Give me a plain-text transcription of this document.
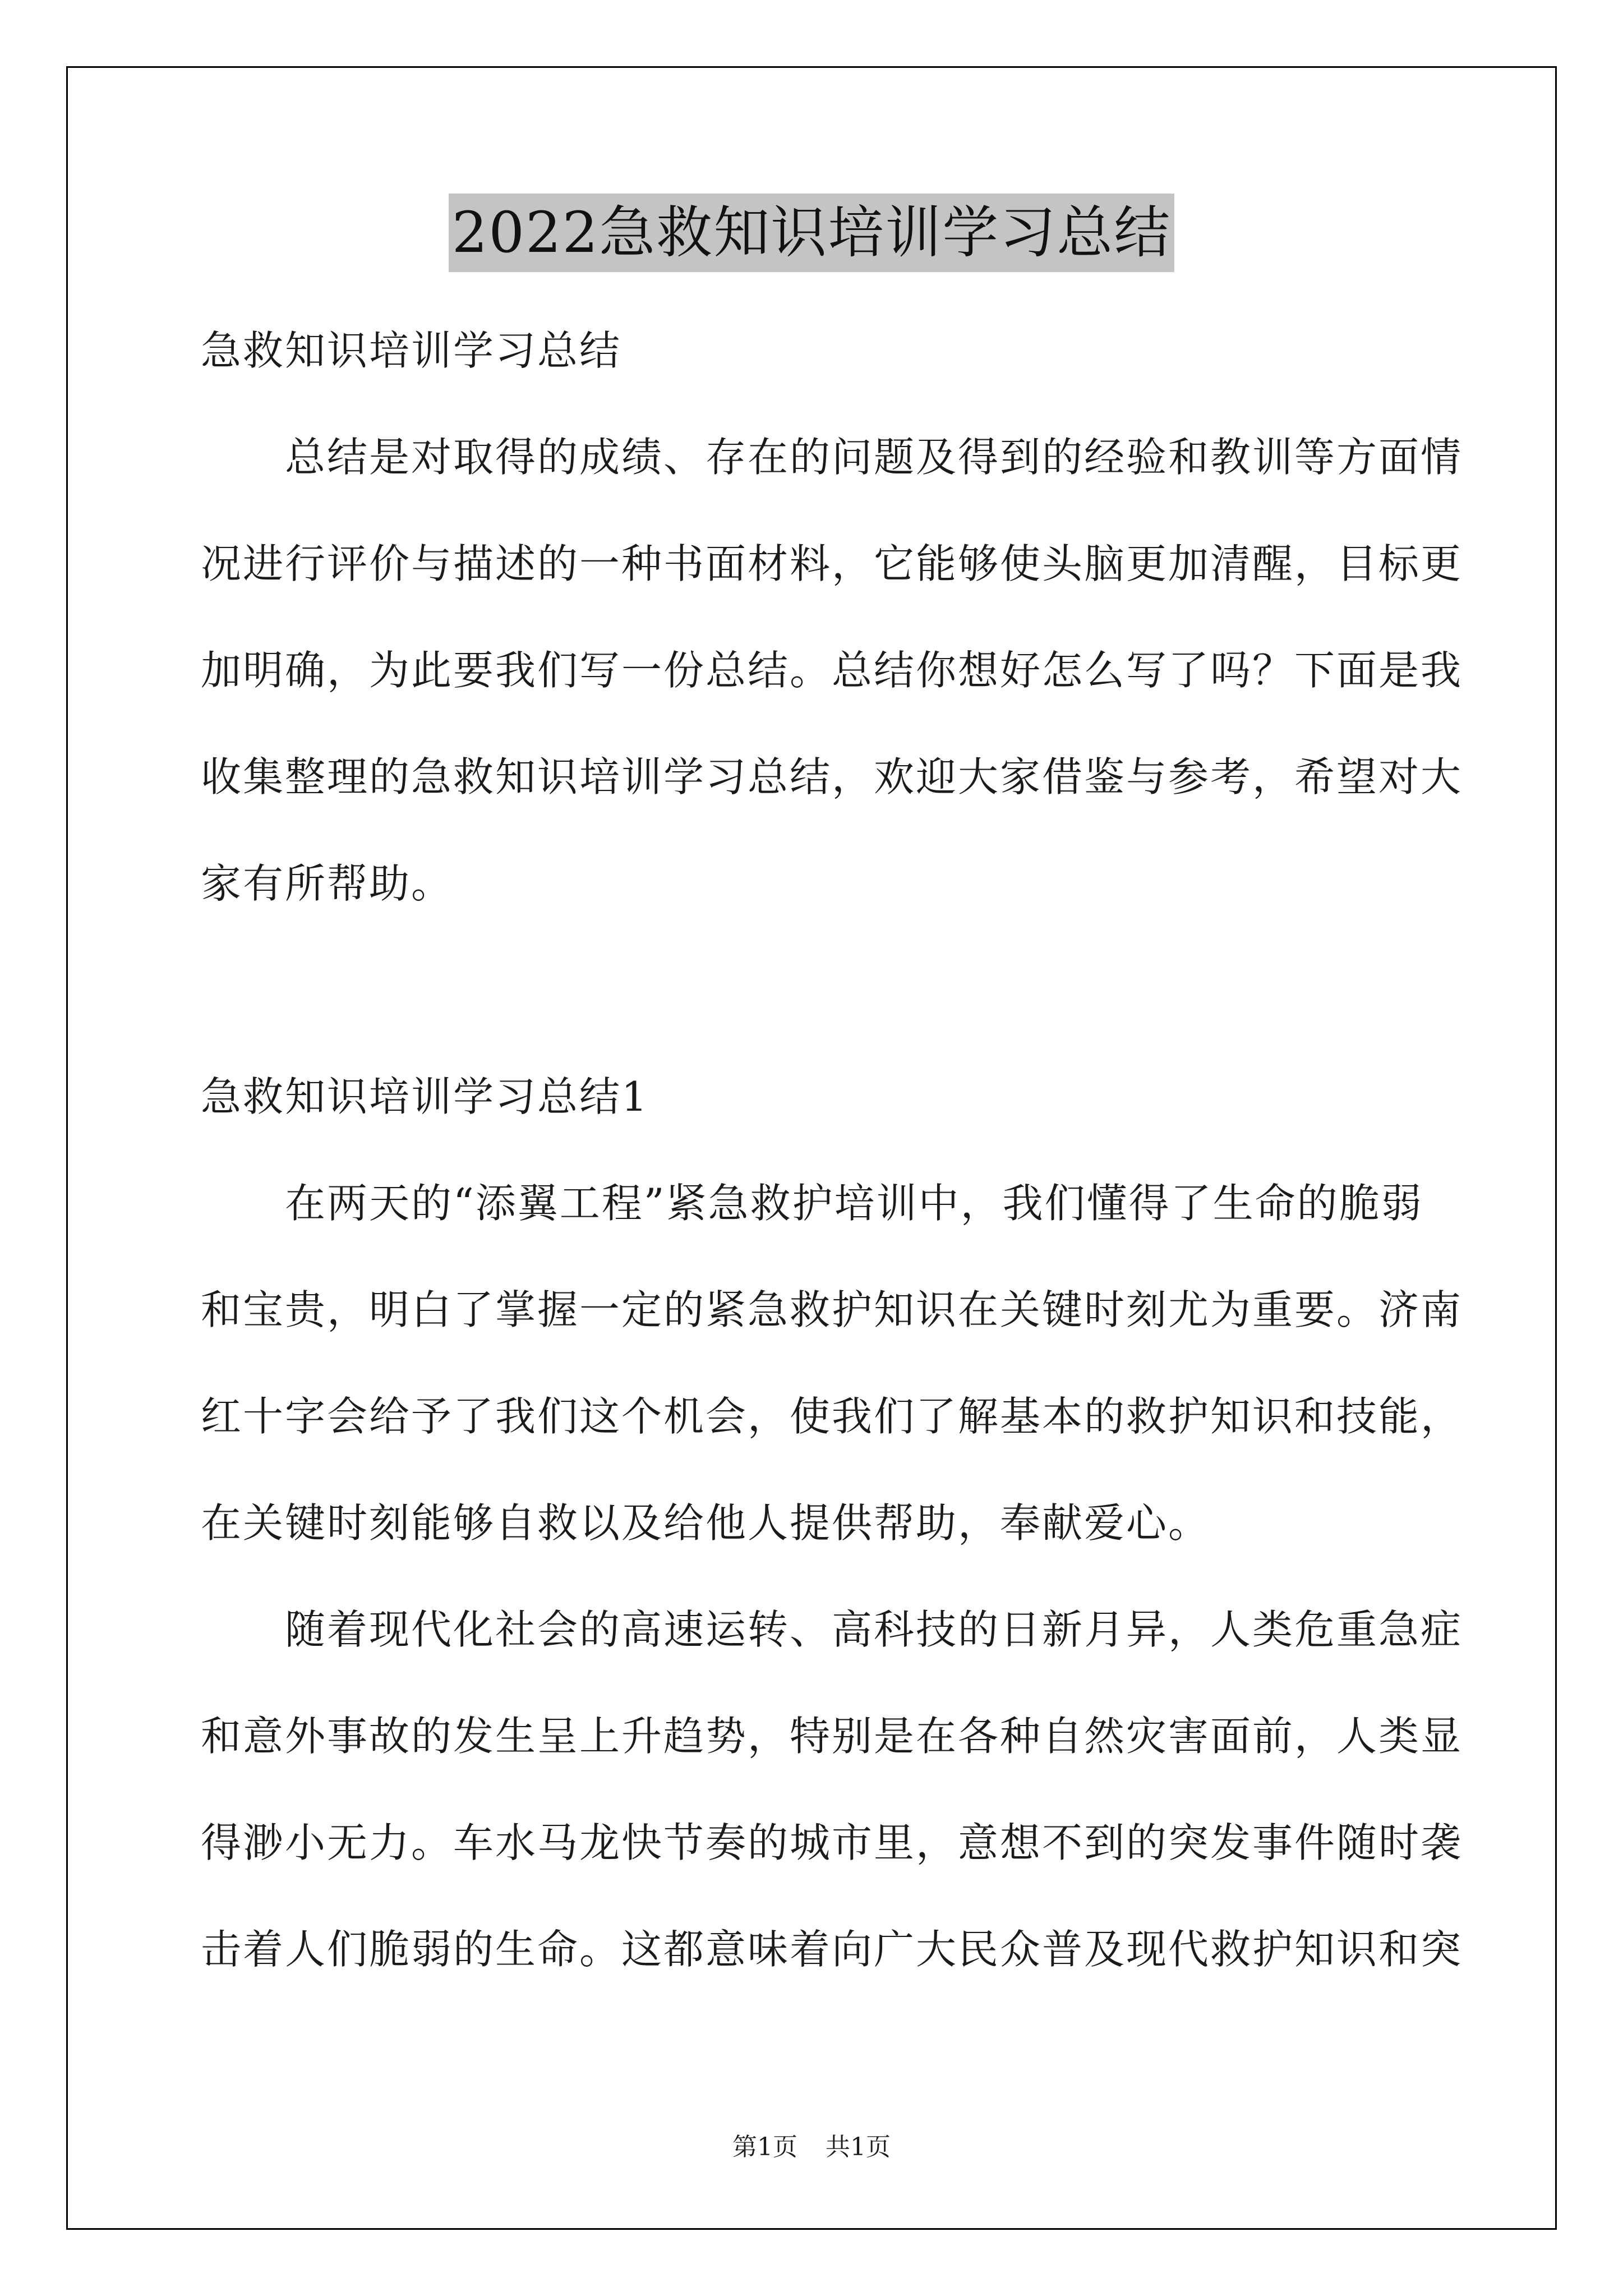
2022急救知识培训学习总结
急救知识培训学习总结
总结是对取得的成绩、存在的问题及得到的经验和教训等方面情
况进行评价与描述的一种书面材料，它能够使头脑更加清醒，目标更
加明确，为此要我们写一份总结。总结你想好怎么写了吗？下面是我
收集整理的急救知识培训学习总结，欢迎大家借鉴与参考，希望对大
家有所帮助。
急救知识培训学习总结1
在两天的“添翼工程”紧急救护培训中，我们懂得了生命的脆弱
和宝贵，明白了掌握一定的紧急救护知识在关键时刻尤为重要。济南
红十字会给予了我们这个机会，使我们了解基本的救护知识和技能，
在关键时刻能够自救以及给他人提供帮助，奉献爱心。
随着现代化社会的高速运转、高科技的日新月异，人类危重急症
和意外事故的发生呈上升趋势，特别是在各种自然灾害面前，人类显
得渺小无力。车水马龙快节奏的城市里，意想不到的突发事件随时袭
击着人们脆弱的生命。这都意味着向广大民众普及现代救护知识和突
第1页 共1页
